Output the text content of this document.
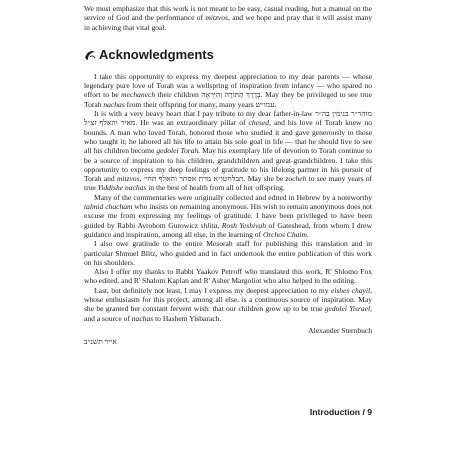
We must emphasize that this work is not meant to be easy, casual reading, but a manual on the service of God and the performance of mitzvos, and we hope and pray that it will assist many in achieving that vital goal.

Acknowledgments

I take this opportunity to express my deepest appreciation to my dear parents — whose legendary pure love of Torah was a wellspring of inspiration from infancy — who spared no effort to be mechanech their children בְּדֶרֶךְ הַתּוֹרָה וְהַיִּרְאָה. May they be privileged to see true Torah nachas from their offspring for many, many years עמו״ש.

It is with a very heavy heart that I pay tribute to my dear father-in-law מוהר״ר בנימין בה״ר מאיר והאלף זצ״ל. He was an extraordinary pillar of chesed, and his love of Torah knew no bounds. A man who loved Torah, honored those who studied it and gave generously to those who taught it; he labored all his life to attain his sole goal in life — that he should live to see all his children become gedolei Torah. May his exemplary life of devotion to Torah continue to be a source of inspiration to his children, grandchildren and great-grandchildren. I take this opportunity to express my deep feelings of gratitude to his lifelong partner in his pursuit of Torah and mitzvos, תבלחטו״א מרת אסתר והאלף תחי׳. May she be zocheh to see many years of true Yiddishe nachas in the best of health from all of her offspring.

Many of the commentaries were originally collected and edited in Hebrew by a noteworthy talmid chacham who insists on remaining anonymous. His wish to remain anonymous does not excuse me from expressing my feelings of gratitude. I have been privileged to have been guided by Rabbi Avrohom Gurowicz shlita, Rosh Yeshivah of Gateshead, from whom I drew guidance and inspiration, among all else, in the learning of Orchos Chaim.

I also owe gratitude to the entire Mesorah staff for publishing this translation and in particular Shmuel Blitz, who guided and in fact undertook the entire publication of this work on his shoulders.

Also I offer my thanks to Rabbi Yaakov Petroff who translated this work, R' Shlomo Fox who edited, and R' Shalom Kaplan and R' Asher Margoliot who also helped in the editing.

Last, but definitely not least, I may I express my deepest appreciation to my eishes chayil, whose enthusiasm for this project, among all else, is a continuous source of inspiration. May she be granted her constant fervent wish: that our children grow up to be true gedolei Yisrael, and a source of nachas to Hashem Yisbarach.

Alexander Sternbuch

אייר תשנ״ב

Introduction / 9
